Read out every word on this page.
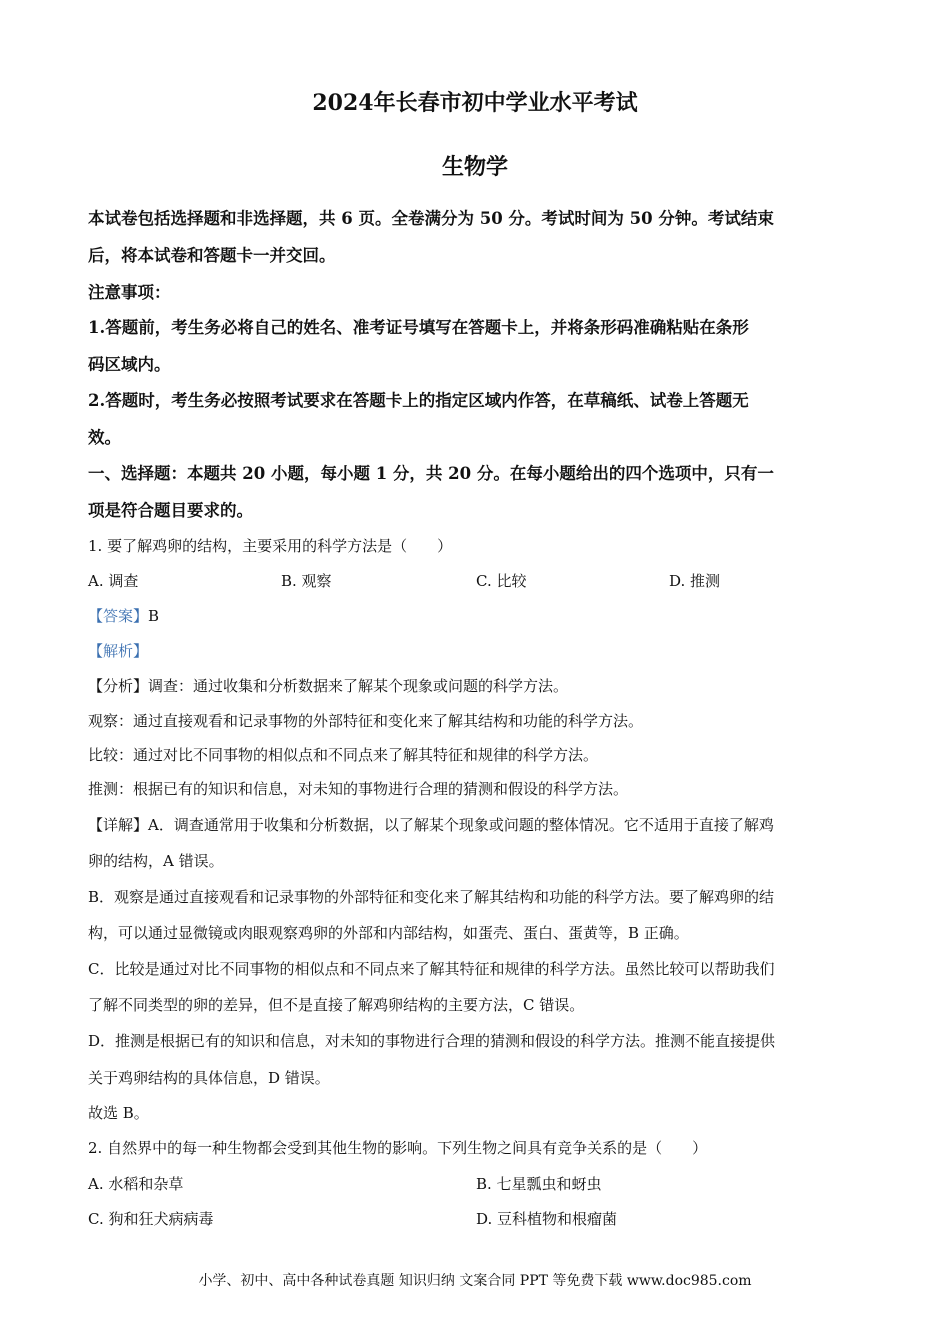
2024年长春市初中学业水平考试
生物学
本试卷包括选择题和非选择题，共 6 页。全卷满分为 50 分。考试时间为 50 分钟。考试结束
后，将本试卷和答题卡一并交回。
注意事项：
1.答题前，考生务必将自己的姓名、准考证号填写在答题卡上，并将条形码准确粘贴在条形
码区域内。
2.答题时，考生务必按照考试要求在答题卡上的指定区域内作答，在草稿纸、试卷上答题无
效。
一、选择题：本题共 20 小题，每小题 1 分，共 20 分。在每小题给出的四个选项中，只有一
项是符合题目要求的。
1. 要了解鸡卵的结构，主要采用的科学方法是（　　）
A. 调查	B. 观察	C. 比较	D. 推测
【答案】B
【解析】
【分析】调查：通过收集和分析数据来了解某个现象或问题的科学方法。
观察：通过直接观看和记录事物的外部特征和变化来了解其结构和功能的科学方法。
比较：通过对比不同事物的相似点和不同点来了解其特征和规律的科学方法。
推测：根据已有的知识和信息，对未知的事物进行合理的猜测和假设的科学方法。
【详解】A．调查通常用于收集和分析数据，以了解某个现象或问题的整体情况。它不适用于直接了解鸡
卵的结构，A 错误。
B．观察是通过直接观看和记录事物的外部特征和变化来了解其结构和功能的科学方法。要了解鸡卵的结
构，可以通过显微镜或肉眼观察鸡卵的外部和内部结构，如蛋壳、蛋白、蛋黄等，B 正确。
C．比较是通过对比不同事物的相似点和不同点来了解其特征和规律的科学方法。虽然比较可以帮助我们
了解不同类型的卵的差异，但不是直接了解鸡卵结构的主要方法，C 错误。
D．推测是根据已有的知识和信息，对未知的事物进行合理的猜测和假设的科学方法。推测不能直接提供
关于鸡卵结构的具体信息，D 错误。
故选 B。
2. 自然界中的每一种生物都会受到其他生物的影响。下列生物之间具有竞争关系的是（　　）
A. 水稻和杂草	B. 七星瓢虫和蚜虫
C. 狗和狂犬病病毒	D. 豆科植物和根瘤菌
小学、初中、高中各种试卷真题 知识归纳 文案合同 PPT 等免费下载 www.doc985.com
